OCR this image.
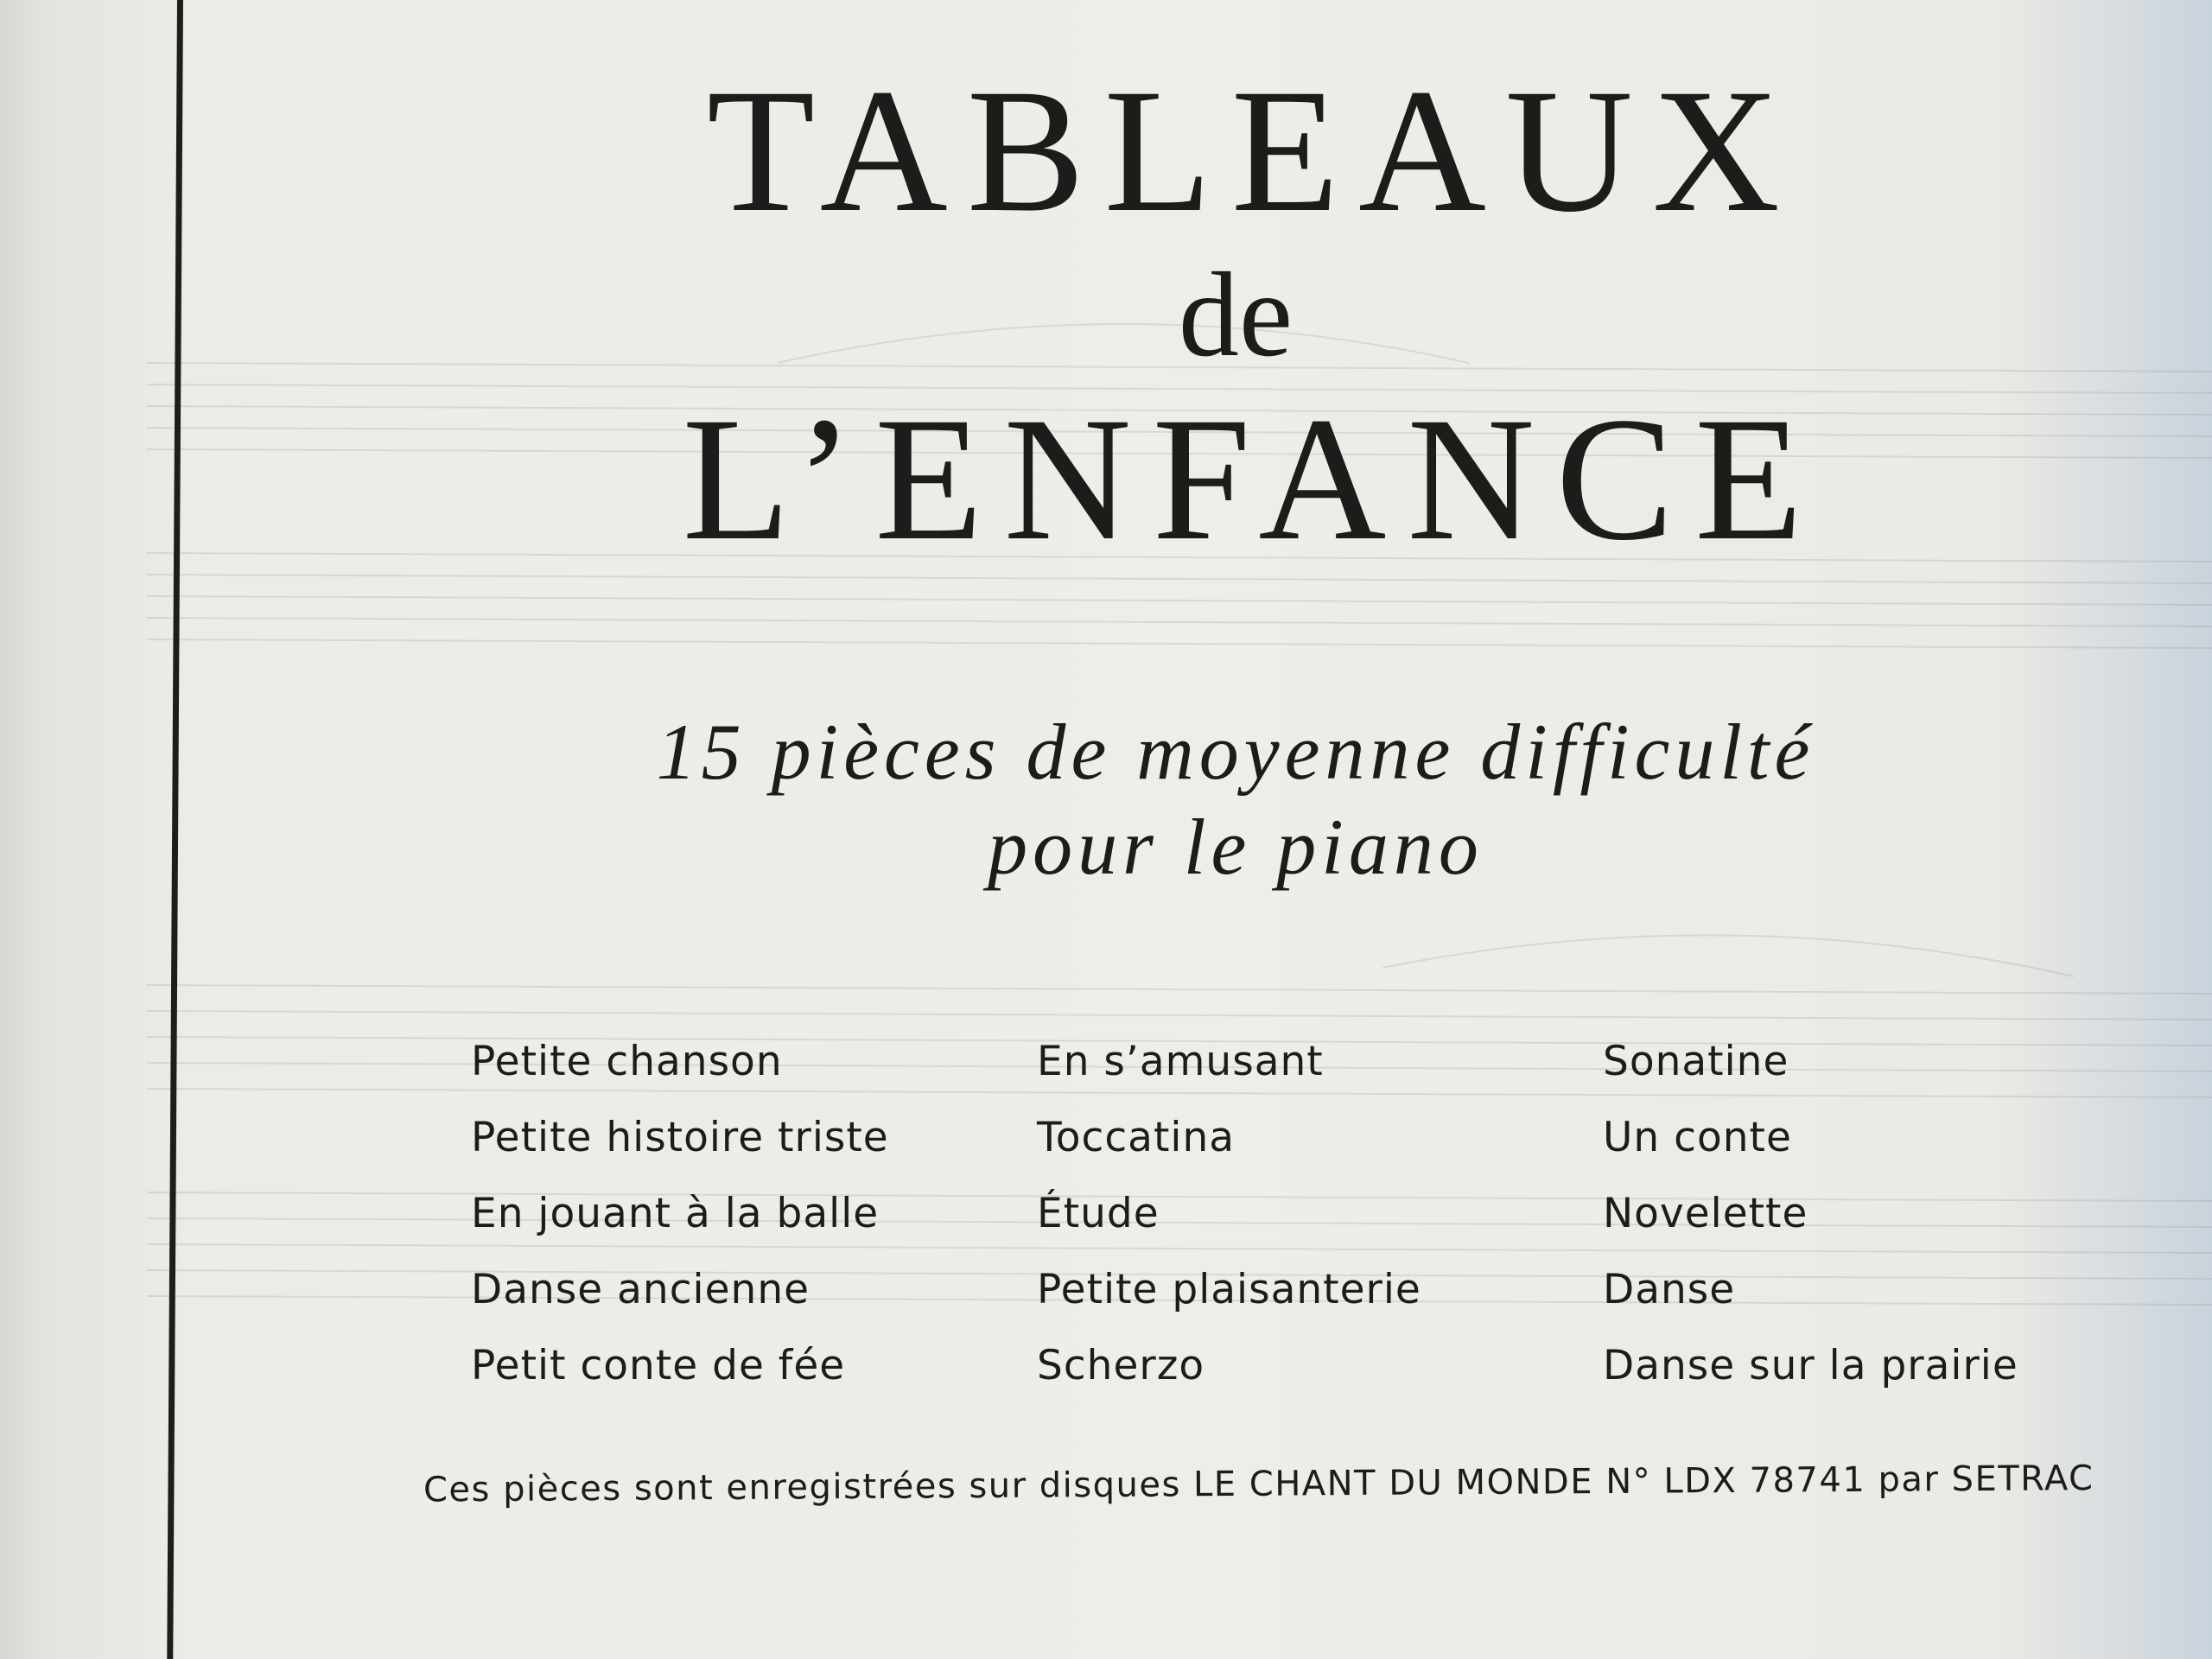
TABLEAUX

de

L’ENFANCE

15 pièces de moyenne difficulté
pour le piano
Petite chanson
Petite histoire triste
En jouant à la balle
Danse ancienne
Petit conte de fée
En s’amusant
Toccatina
Étude
Petite plaisanterie
Scherzo
Sonatine
Un conte
Novelette
Danse
Danse sur la prairie
Ces pièces sont enregistrées sur disques LE CHANT DU MONDE N° LDX 78741 par SETRAC
